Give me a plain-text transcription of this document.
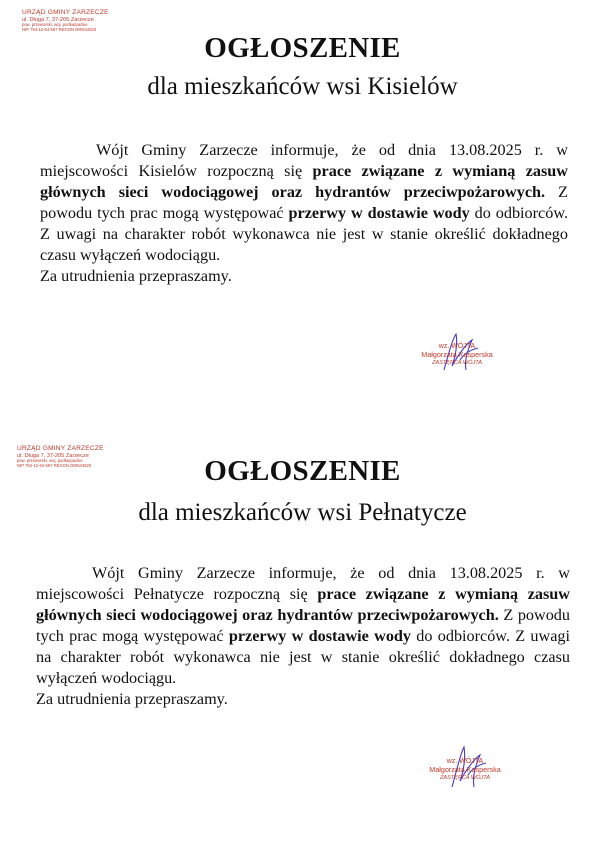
URZĄD GMINY ZARZECZE
ul. Długa 7, 37-205 Zarzecze
pow. przeworski, woj. podkarpackie
NIP 794-12-64-597 REGON 000544620
OGŁOSZENIE
dla mieszkańców wsi Kisielów

Wójt Gminy Zarzecze informuje, że od dnia 13.08.2025 r. w miejscowości Kisielów rozpoczną się prace związane z wymianą zasuw głównych sieci wodociągowej oraz hydrantów przeciwpożarowych. Z powodu tych prac mogą występować przerwy w dostawie wody do odbiorców. Z uwagi na charakter robót wykonawca nie jest w stanie określić dokładnego czasu wyłączeń wodociągu.

Za utrudnienia przepraszamy.

wz. WÓJTA
Małgorzata Kasperska
ZASTĘPCA WÓJTA
URZĄD GMINY ZARZECZE
ul. Długa 7, 37-205 Zarzecze
pow. przeworski, woj. podkarpackie
NIP 794-12-64-597 REGON 000544620	OGŁOSZENIE
dla mieszkańców wsi Pełnatycze

Wójt Gminy Zarzecze informuje, że od dnia 13.08.2025 r. w miejscowości Pełnatycze rozpoczną się prace związane z wymianą zasuw głównych sieci wodociągowej oraz hydrantów przeciwpożarowych. Z powodu tych prac mogą występować przerwy w dostawie wody do odbiorców. Z uwagi na charakter robót wykonawca nie jest w stanie określić dokładnego czasu wyłączeń wodociągu.

Za utrudnienia przepraszamy.

wz. WÓJTA
Małgorzata Kasperska
ZASTĘPCA WÓJTA
